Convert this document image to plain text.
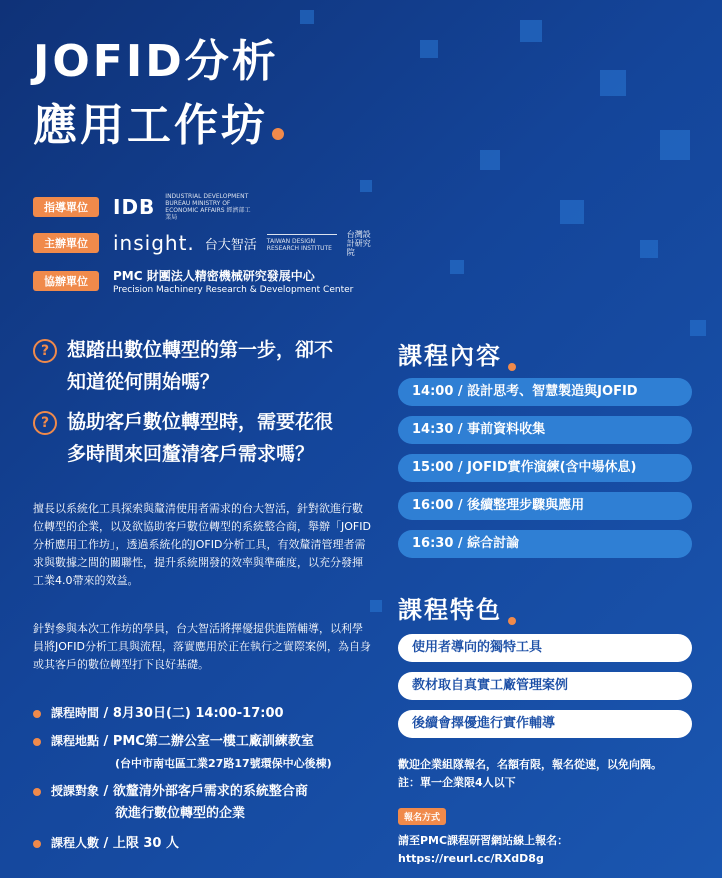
JOFID分析
應用工作坊
指導單位	IDB INDUSTRIAL DEVELOPMENT BUREAU MINISTRY OF ECONOMIC AFFAIRS 經濟部工業局
主辦單位	insight. 台大智活 TAIWAN DESIGN RESEARCH INSTITUTE
台灣設計研究院
協辦單位	PMC 財團法人精密機械研究發展中心
Precision Machinery Research & Development Center
? 想踏出數位轉型的第一步，卻不
知道從何開始嗎？
? 協助客戶數位轉型時，需要花很
多時間來回釐清客戶需求嗎？
擅長以系統化工具探索與釐清使用者需求的台大智活，針對欲進行數位轉型的企業，以及欲協助客戶數位轉型的系統整合商，舉辦「JOFID分析應用工作坊」，透過系統化的JOFID分析工具，有效釐清管理者需求與數據之間的關聯性，提升系統開發的效率與準確度，以充分發揮工業4.0帶來的效益。
針對參與本次工作坊的學員，台大智活將擇優提供進階輔導，以利學員將JOFID分析工具與流程，落實應用於正在執行之實際案例，為自身或其客戶的數位轉型打下良好基礎。
課程時間 / 8月30日(二) 14:00-17:00
課程地點 / PMC第二辦公室一樓工廠訓練教室
(台中市南屯區工業27路17號環保中心後棟)
授課對象 / 欲釐清外部客戶需求的系統整合商
欲進行數位轉型的企業
課程人數 / 上限 30 人
課程內容
14:00 / 設計思考、智慧製造與JOFID
14:30 / 事前資料收集
15:00 / JOFID實作演練(含中場休息)
16:00 / 後續整理步驟與應用
16:30 / 綜合討論
課程特色
使用者導向的獨特工具
教材取自真實工廠管理案例
後續會擇優進行實作輔導
歡迎企業組隊報名，名額有限，報名從速，以免向隅。
註：單一企業限4人以下
報名方式
請至PMC課程研習網站線上報名：
https://reurl.cc/RXdD8g
